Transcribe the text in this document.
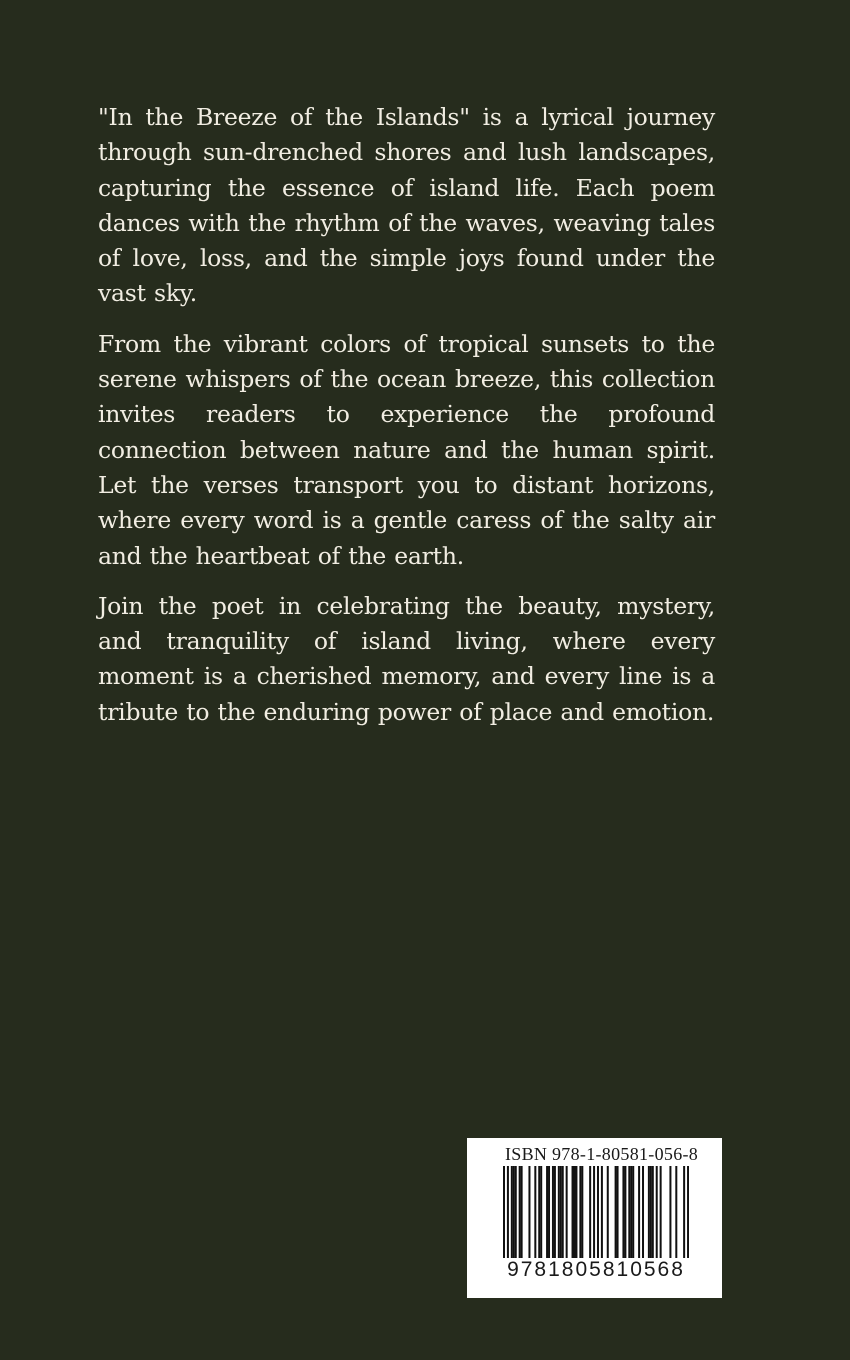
"In the Breeze of the Islands" is a lyrical journey through sun-drenched shores and lush landscapes, capturing the essence of island life. Each poem dances with the rhythm of the waves, weaving tales of love, loss, and the simple joys found under the vast sky.

From the vibrant colors of tropical sunsets to the serene whispers of the ocean breeze, this collection invites readers to experience the profound connection between nature and the human spirit. Let the verses transport you to distant horizons, where every word is a gentle caress of the salty air and the heartbeat of the earth.

Join the poet in celebrating the beauty, mystery, and tranquility of island living, where every moment is a cherished memory, and every line is a tribute to the enduring power of place and emotion.

ISBN 978-1-80581-056-8
9781805810568
